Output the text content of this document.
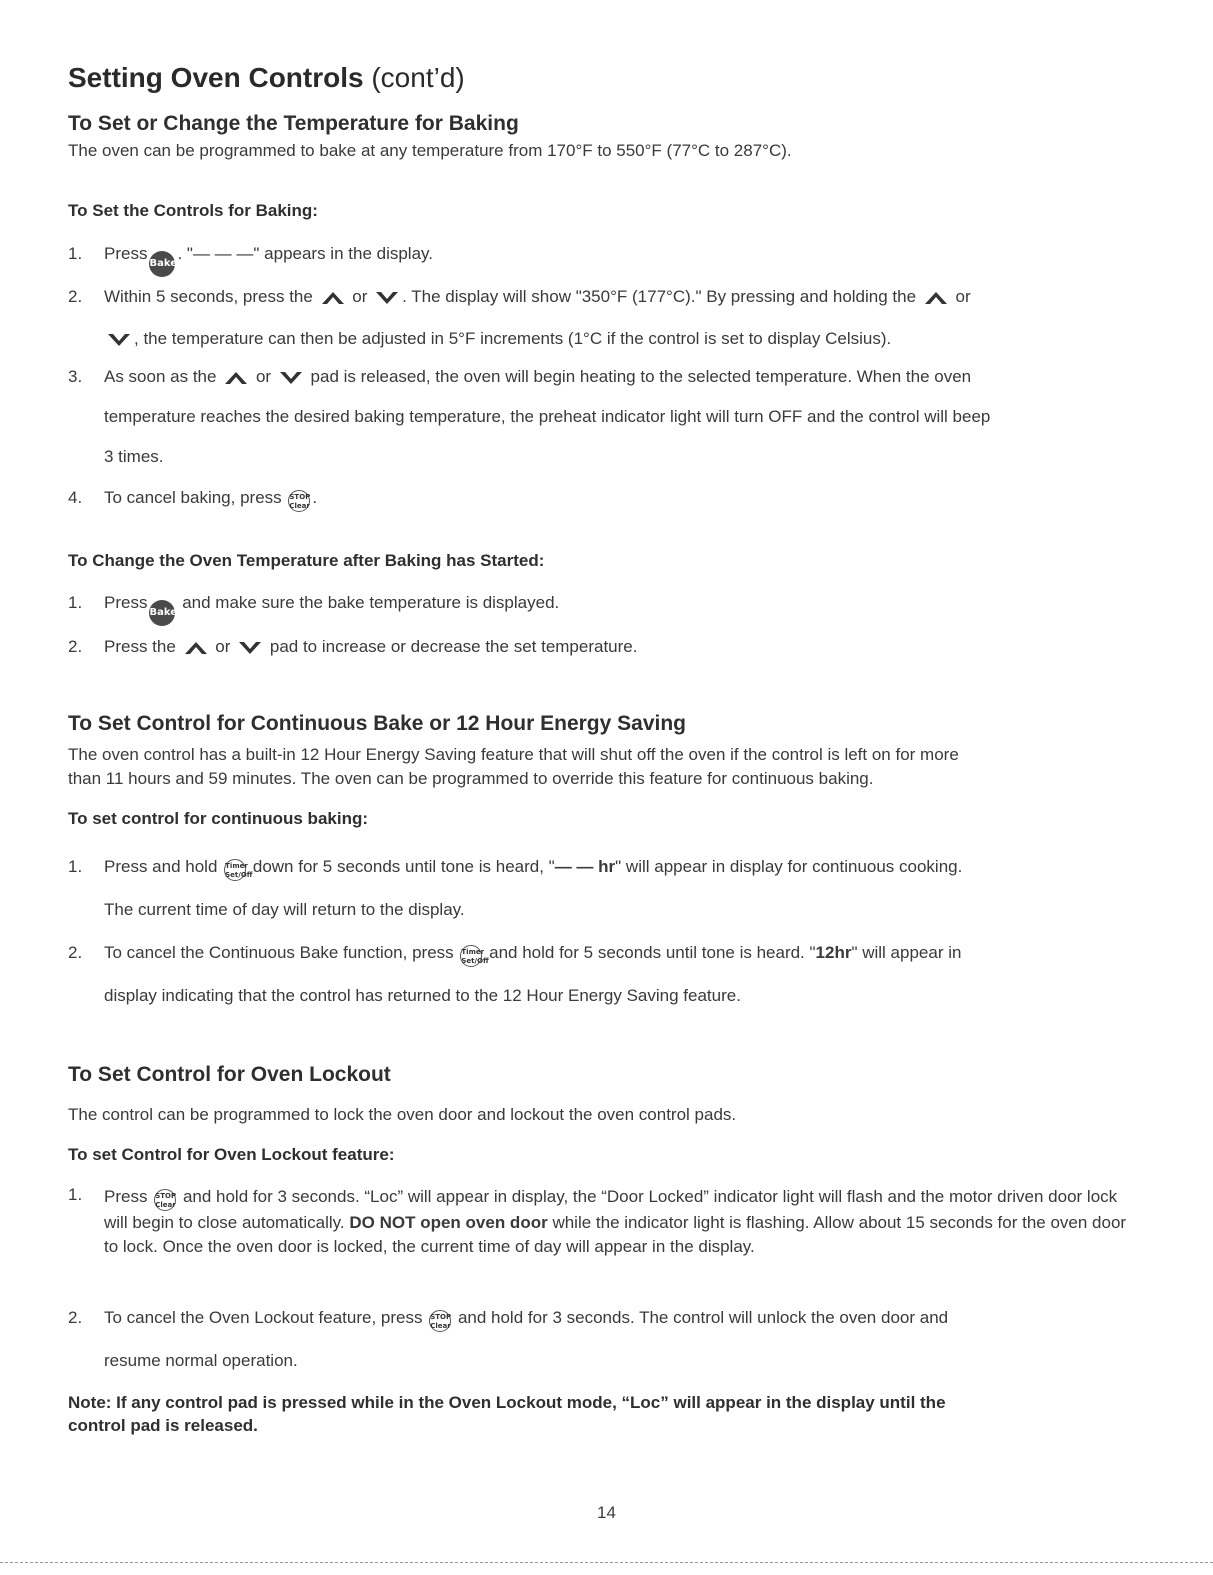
Setting Oven Controls (cont’d)
To Set or Change the Temperature for Baking
The oven can be programmed to bake at any temperature from 170°F to 550°F (77°C to 287°C).
To Set the Controls for Baking:
1.	PressBake. "— — —" appears in the display.
2.	Within 5 seconds, press the or . The display will show "350°F (177°C)." By pressing and holding the or
, the temperature can then be adjusted in 5°F increments (1°C if the control is set to display Celsius).
3.	As soon as the or pad is released, the oven will begin heating to the selected temperature. When the oven
temperature reaches the desired baking temperature, the preheat indicator light will turn OFF and the control will beep
3 times.
4.	To cancel baking, press STOP
Clear .
To Change the Oven Temperature after Baking has Started:
1.	PressBake and make sure the bake temperature is displayed.
2.	Press the or pad to increase or decrease the set temperature.
To Set Control for Continuous Bake or 12 Hour Energy Saving
The oven control has a built-in 12 Hour Energy Saving feature that will shut off the oven if the control is left on for more
than 11 hours and 59 minutes. The oven can be programmed to override this feature for continuous baking.
To set control for continuous baking:
1.	Press and hold Timer
Set/Off down for 5 seconds until tone is heard, "— — hr" will appear in display for continuous cooking.
The current time of day will return to the display.
2.	To cancel the Continuous Bake function, press Timer
Set/Off and hold for 5 seconds until tone is heard. "12hr" will appear in
display indicating that the control has returned to the 12 Hour Energy Saving feature.
To Set Control for Oven Lockout
The control can be programmed to lock the oven door and lockout the oven control pads.
To set Control for Oven Lockout feature:
1.	Press STOP
Clear and hold for 3 seconds. “Loc” will appear in display, the “Door Locked” indicator light will flash and the motor driven door lock will begin to close automatically. DO NOT open oven door while the indicator light is flashing. Allow about 15 seconds for the oven door to lock. Once the oven door is locked, the current time of day will appear in the display.
2.	To cancel the Oven Lockout feature, press STOP
Clear and hold for 3 seconds. The control will unlock the oven door and
resume normal operation.
Note: If any control pad is pressed while in the Oven Lockout mode, “Loc” will appear in the display until the
control pad is released.
14
